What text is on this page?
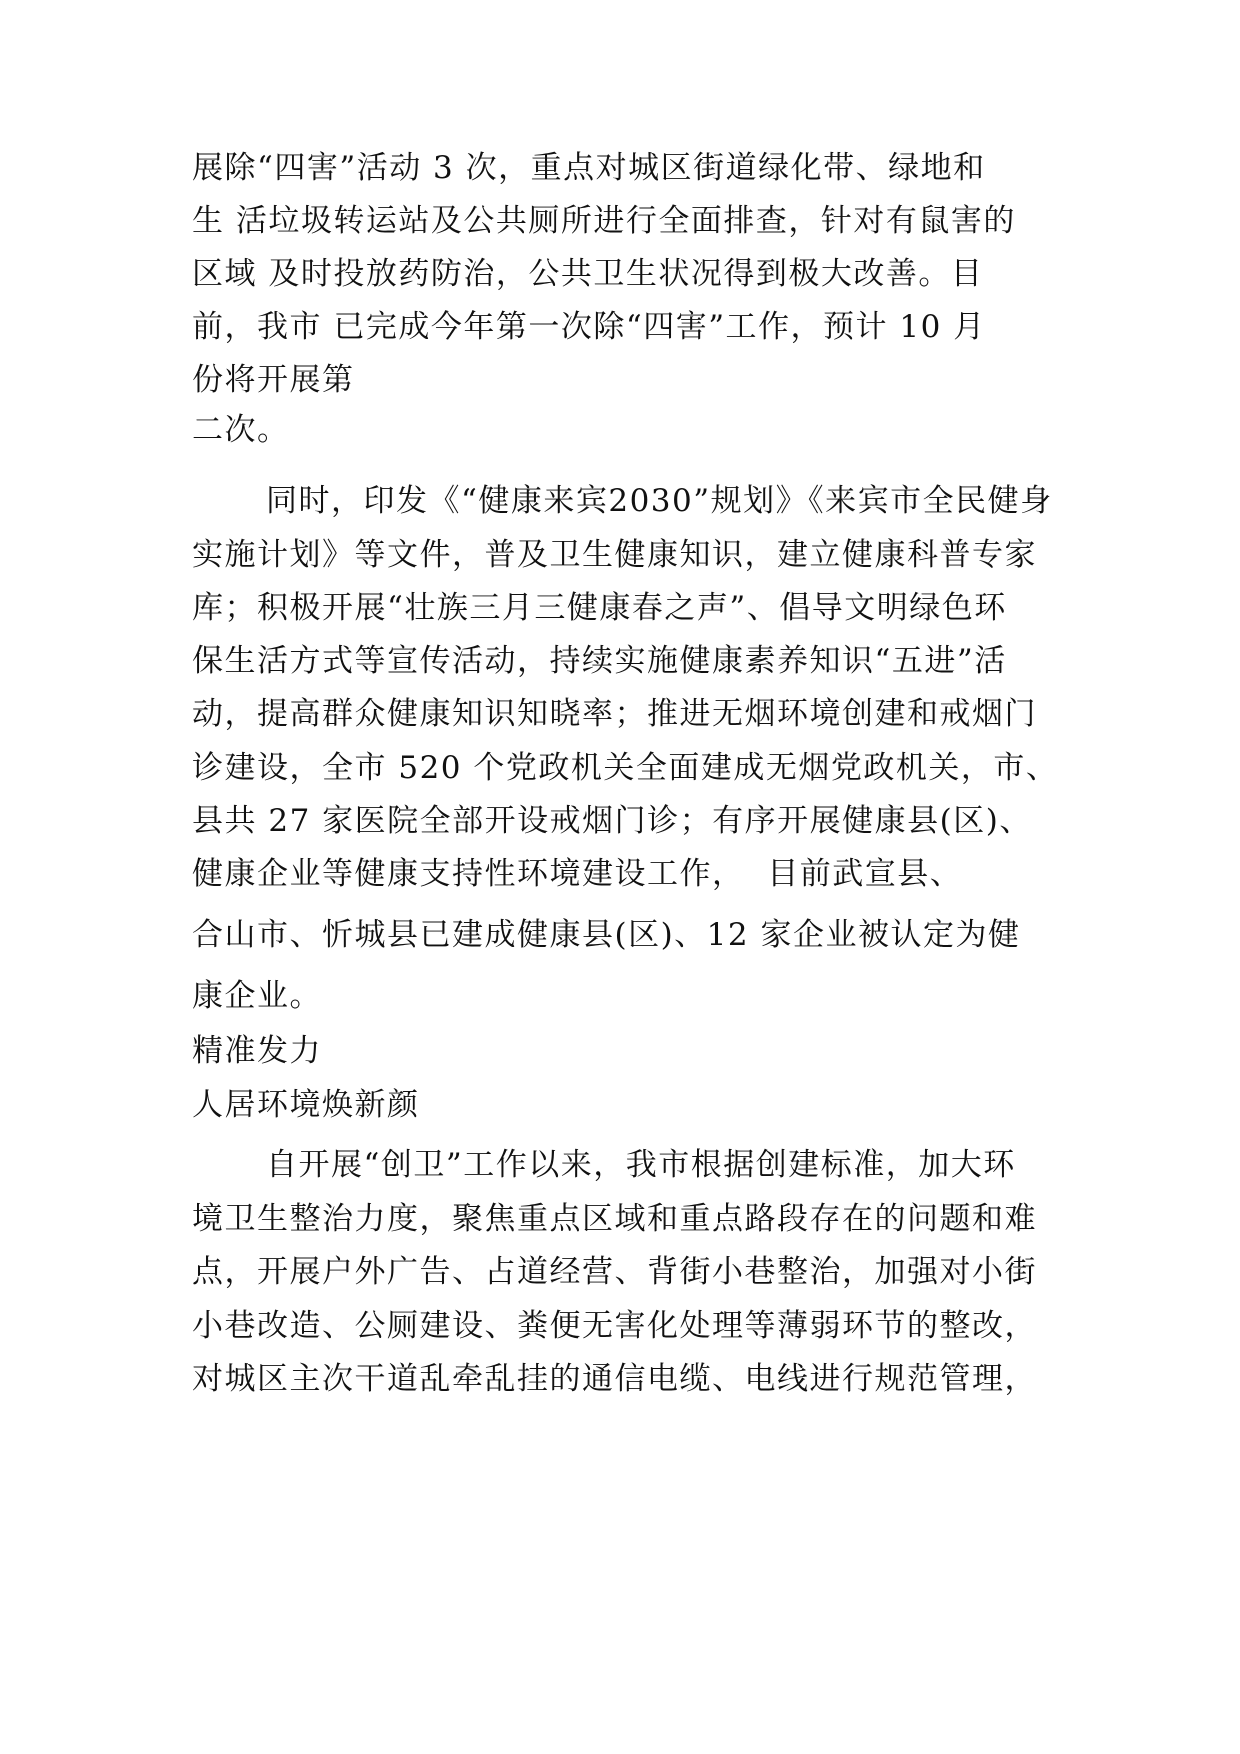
展除“四害”活动 3 次，重点对城区街道绿化带、绿地和
生 活垃圾转运站及公共厕所进行全面排查，针对有鼠害的
区域 及时投放药防治，公共卫生状况得到极大改善。目
前，我市 已完成今年第一次除“四害”工作，预计 10 月
份将开展第
二次。
同时，印发《“健康来宾2030”规划》《来宾市全民健身
实施计划》等文件，普及卫生健康知识，建立健康科普专家
库；积极开展“壮族三月三健康春之声”、倡导文明绿色环
保生活方式等宣传活动，持续实施健康素养知识“五进”活
动，提高群众健康知识知晓率；推进无烟环境创建和戒烟门
诊建设，全市 520 个党政机关全面建成无烟党政机关，市、
县共 27 家医院全部开设戒烟门诊；有序开展健康县(区)、
健康企业等健康支持性环境建设工作，  目前武宣县、
合山市、忻城县已建成健康县(区)、12 家企业被认定为健
康企业。
精准发力
人居环境焕新颜
自开展“创卫”工作以来，我市根据创建标准，加大环
境卫生整治力度，聚焦重点区域和重点路段存在的问题和难
点，开展户外广告、占道经营、背街小巷整治，加强对小街
小巷改造、公厕建设、粪便无害化处理等薄弱环节的整改，
对城区主次干道乱牵乱挂的通信电缆、电线进行规范管理，
